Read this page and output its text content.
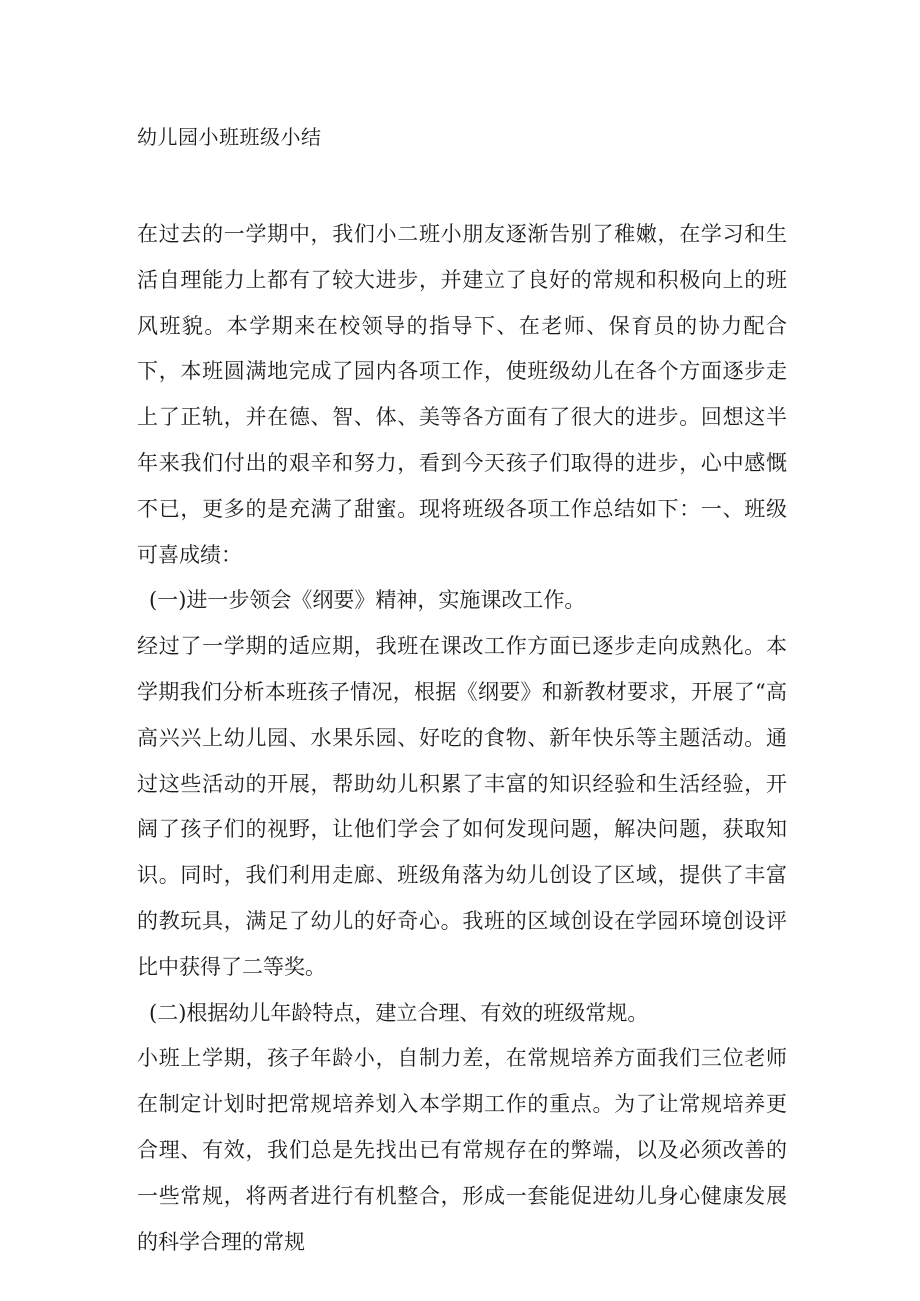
幼儿园小班班级小结

在过去的一学期中，我们小二班小朋友逐渐告别了稚嫩，在学习和生活自理能力上都有了较大进步，并建立了良好的常规和积极向上的班风班貌。本学期来在校领导的指导下、在老师、保育员的协力配合下，本班圆满地完成了园内各项工作，使班级幼儿在各个方面逐步走上了正轨，并在德、智、体、美等各方面有了很大的进步。回想这半年来我们付出的艰辛和努力，看到今天孩子们取得的进步，心中感慨不已，更多的是充满了甜蜜。现将班级各项工作总结如下：一、班级可喜成绩：

(一)进一步领会《纲要》精神，实施课改工作。

经过了一学期的适应期，我班在课改工作方面已逐步走向成熟化。本学期我们分析本班孩子情况，根据《纲要》和新教材要求，开展了“高高兴兴上幼儿园、水果乐园、好吃的食物、新年快乐等主题活动。通过这些活动的开展，帮助幼儿积累了丰富的知识经验和生活经验，开阔了孩子们的视野，让他们学会了如何发现问题，解决问题，获取知识。同时，我们利用走廊、班级角落为幼儿创设了区域，提供了丰富的教玩具，满足了幼儿的好奇心。我班的区域创设在学园环境创设评比中获得了二等奖。

(二)根据幼儿年龄特点，建立合理、有效的班级常规。

小班上学期，孩子年龄小，自制力差，在常规培养方面我们三位老师在制定计划时把常规培养划入本学期工作的重点。为了让常规培养更合理、有效，我们总是先找出已有常规存在的弊端，以及必须改善的一些常规，将两者进行有机整合，形成一套能促进幼儿身心健康发展的科学合理的常规
